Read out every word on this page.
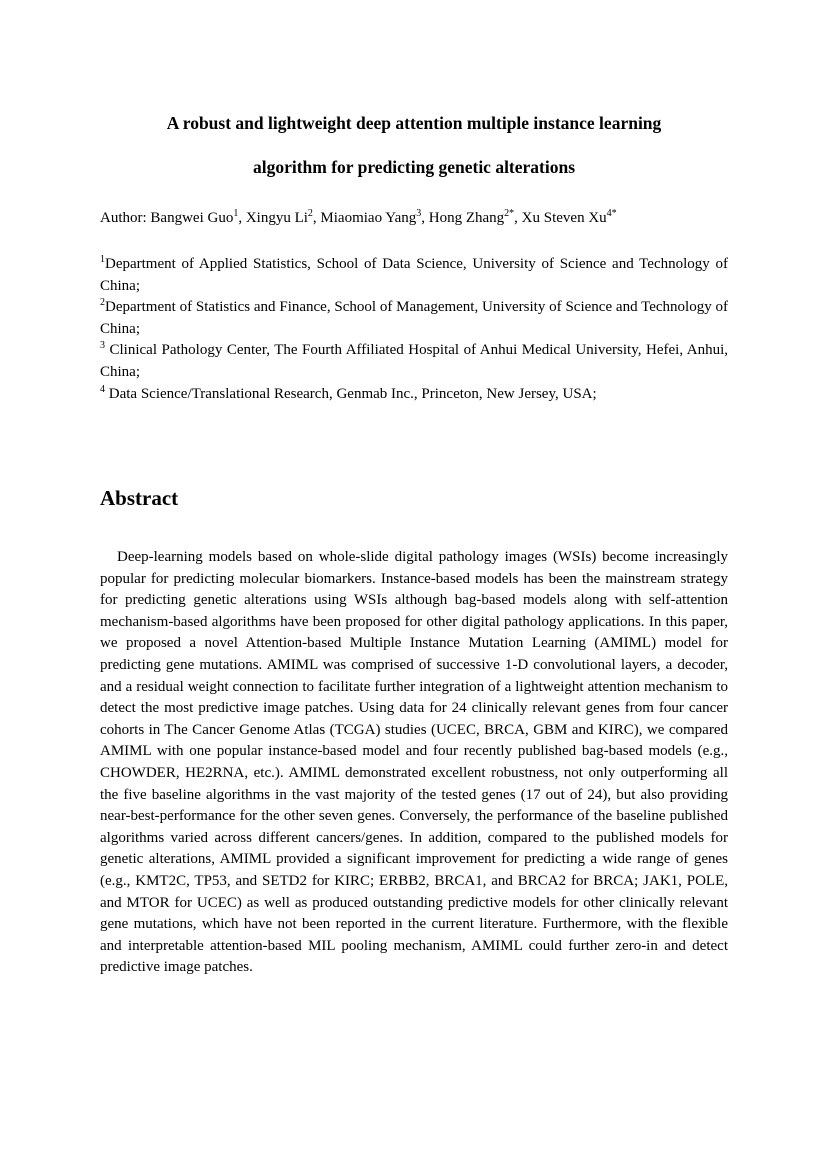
A robust and lightweight deep attention multiple instance learning
algorithm for predicting genetic alterations
Author: Bangwei Guo$^1$, Xingyu Li$^2$, Miaomiao Yang$^3$, Hong Zhang$^{2*}$, Xu Steven $Xu^{4*}$

$^1$Department of Applied Statistics, School of Data Science, University of Science and Technology of China;

$^2$Department of Statistics and Finance, School of Management, University of Science and Technology of China;

$^3$ Clinical Pathology Center, The Fourth Affiliated Hospital of Anhui Medical University, Hefei, Anhui, China;

$^4$ Data Science/Translational Research, Genmab Inc., Princeton, New Jersey, USA;

Abstract

Deep-learning models based on whole-slide digital pathology images (WSIs) become increasingly popular for predicting molecular biomarkers. Instance-based models has been the mainstream strategy for predicting genetic alterations using WSIs although bag-based models along with self-attention mechanism-based algorithms have been proposed for other digital pathology applications. In this paper, we proposed a novel Attention-based Multiple Instance Mutation Learning (AMIML) model for predicting gene mutations. AMIML was comprised of successive 1-D convolutional layers, a decoder, and a residual weight connection to facilitate further integration of a lightweight attention mechanism to detect the most predictive image patches. Using data for 24 clinically relevant genes from four cancer cohorts in The Cancer Genome Atlas (TCGA) studies (UCEC, BRCA, GBM and KIRC), we compared AMIML with one popular instance-based model and four recently published bag-based models (e.g., CHOWDER, HE2RNA, etc.). AMIML demonstrated excellent robustness, not only outperforming all the five baseline algorithms in the vast majority of the tested genes (17 out of 24), but also providing near-best-performance for the other seven genes. Conversely, the performance of the baseline published algorithms varied across different cancers/genes. In addition, compared to the published models for genetic alterations, AMIML provided a significant improvement for predicting a wide range of genes (e.g., KMT2C, TP53, and SETD2 for KIRC; ERBB2, BRCA1, and BRCA2 for BRCA; JAK1, POLE, and MTOR for UCEC) as well as produced outstanding predictive models for other clinically relevant gene mutations, which have not been reported in the current literature. Furthermore, with the flexible and interpretable attention-based MIL pooling mechanism, AMIML could further zero-in and detect predictive image patches.
